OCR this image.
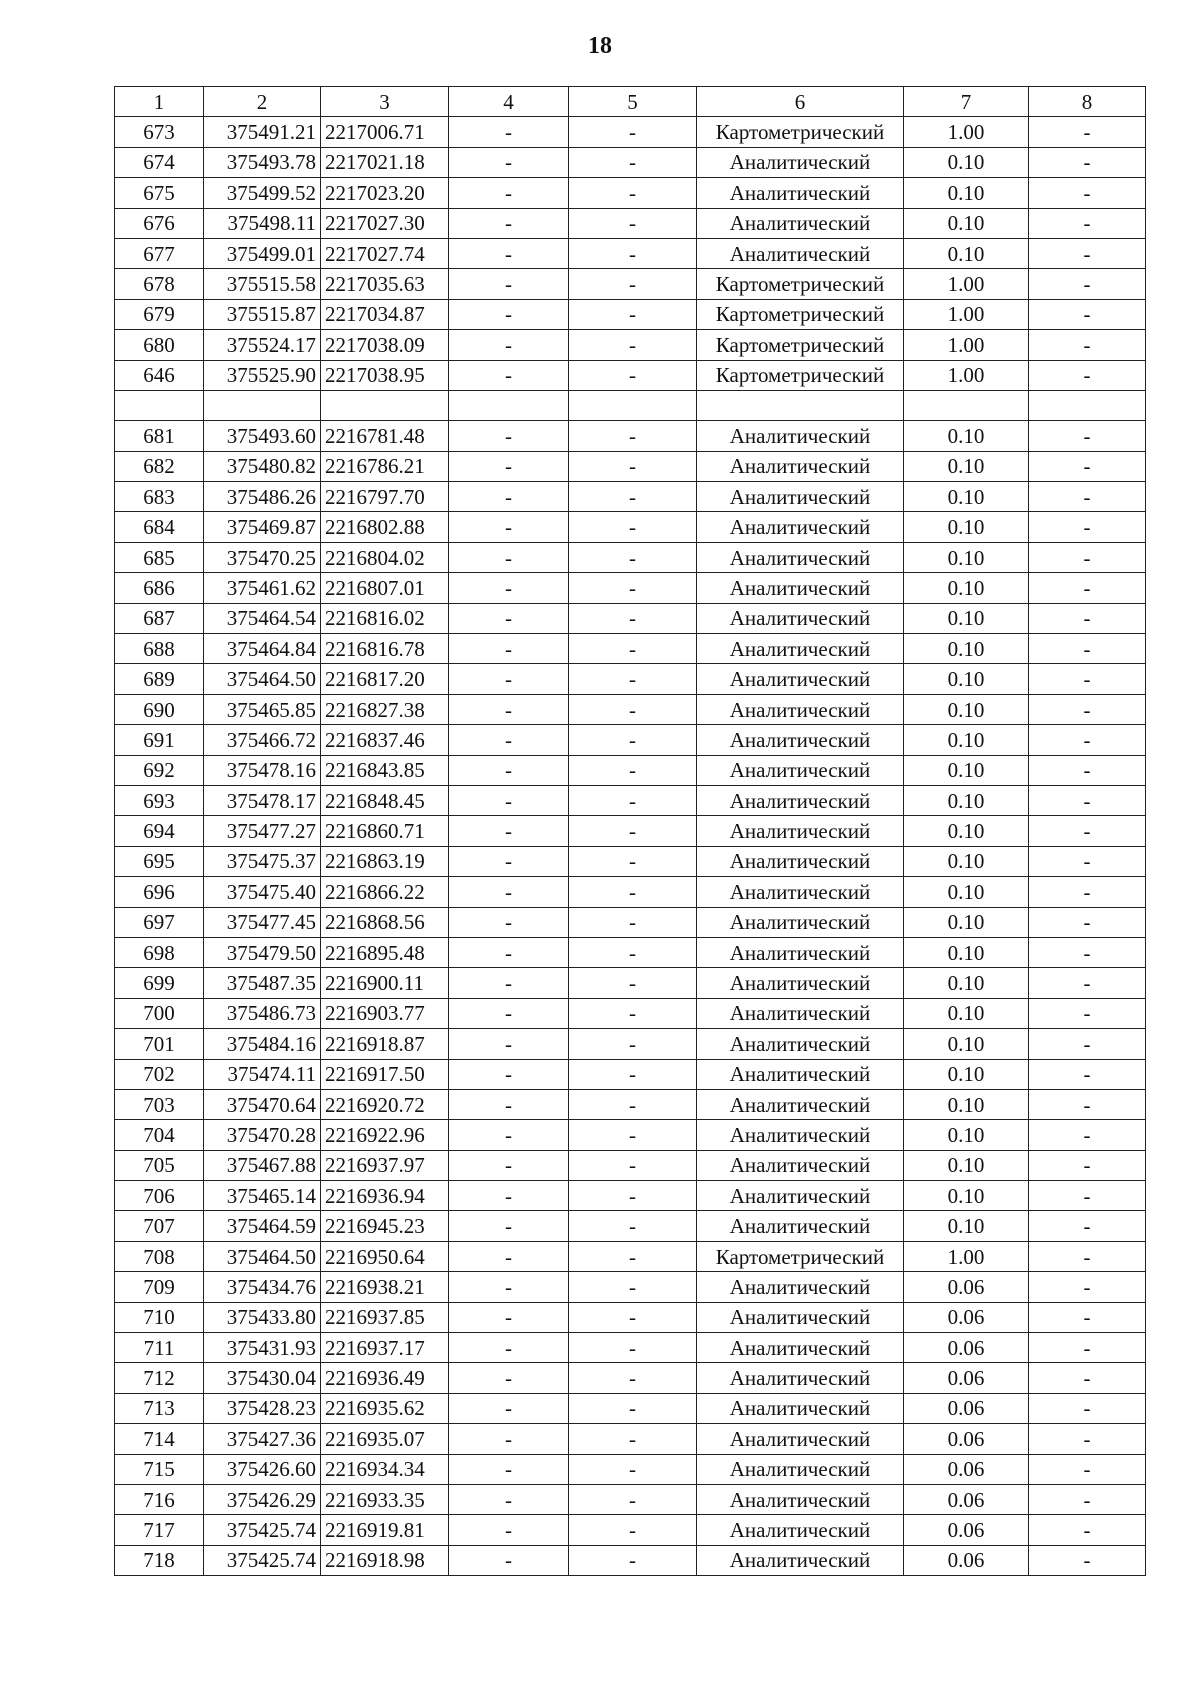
18
1	2	3	4	5	6	7	8
673	375491.21	2217006.71	-	-	Картометрический	1.00	-
674	375493.78	2217021.18	-	-	Аналитический	0.10	-
675	375499.52	2217023.20	-	-	Аналитический	0.10	-
676	375498.11	2217027.30	-	-	Аналитический	0.10	-
677	375499.01	2217027.74	-	-	Аналитический	0.10	-
678	375515.58	2217035.63	-	-	Картометрический	1.00	-
679	375515.87	2217034.87	-	-	Картометрический	1.00	-
680	375524.17	2217038.09	-	-	Картометрический	1.00	-
646	375525.90	2217038.95	-	-	Картометрический	1.00	-

681	375493.60	2216781.48	-	-	Аналитический	0.10	-
682	375480.82	2216786.21	-	-	Аналитический	0.10	-
683	375486.26	2216797.70	-	-	Аналитический	0.10	-
684	375469.87	2216802.88	-	-	Аналитический	0.10	-
685	375470.25	2216804.02	-	-	Аналитический	0.10	-
686	375461.62	2216807.01	-	-	Аналитический	0.10	-
687	375464.54	2216816.02	-	-	Аналитический	0.10	-
688	375464.84	2216816.78	-	-	Аналитический	0.10	-
689	375464.50	2216817.20	-	-	Аналитический	0.10	-
690	375465.85	2216827.38	-	-	Аналитический	0.10	-
691	375466.72	2216837.46	-	-	Аналитический	0.10	-
692	375478.16	2216843.85	-	-	Аналитический	0.10	-
693	375478.17	2216848.45	-	-	Аналитический	0.10	-
694	375477.27	2216860.71	-	-	Аналитический	0.10	-
695	375475.37	2216863.19	-	-	Аналитический	0.10	-
696	375475.40	2216866.22	-	-	Аналитический	0.10	-
697	375477.45	2216868.56	-	-	Аналитический	0.10	-
698	375479.50	2216895.48	-	-	Аналитический	0.10	-
699	375487.35	2216900.11	-	-	Аналитический	0.10	-
700	375486.73	2216903.77	-	-	Аналитический	0.10	-
701	375484.16	2216918.87	-	-	Аналитический	0.10	-
702	375474.11	2216917.50	-	-	Аналитический	0.10	-
703	375470.64	2216920.72	-	-	Аналитический	0.10	-
704	375470.28	2216922.96	-	-	Аналитический	0.10	-
705	375467.88	2216937.97	-	-	Аналитический	0.10	-
706	375465.14	2216936.94	-	-	Аналитический	0.10	-
707	375464.59	2216945.23	-	-	Аналитический	0.10	-
708	375464.50	2216950.64	-	-	Картометрический	1.00	-
709	375434.76	2216938.21	-	-	Аналитический	0.06	-
710	375433.80	2216937.85	-	-	Аналитический	0.06	-
711	375431.93	2216937.17	-	-	Аналитический	0.06	-
712	375430.04	2216936.49	-	-	Аналитический	0.06	-
713	375428.23	2216935.62	-	-	Аналитический	0.06	-
714	375427.36	2216935.07	-	-	Аналитический	0.06	-
715	375426.60	2216934.34	-	-	Аналитический	0.06	-
716	375426.29	2216933.35	-	-	Аналитический	0.06	-
717	375425.74	2216919.81	-	-	Аналитический	0.06	-
718	375425.74	2216918.98	-	-	Аналитический	0.06	-
